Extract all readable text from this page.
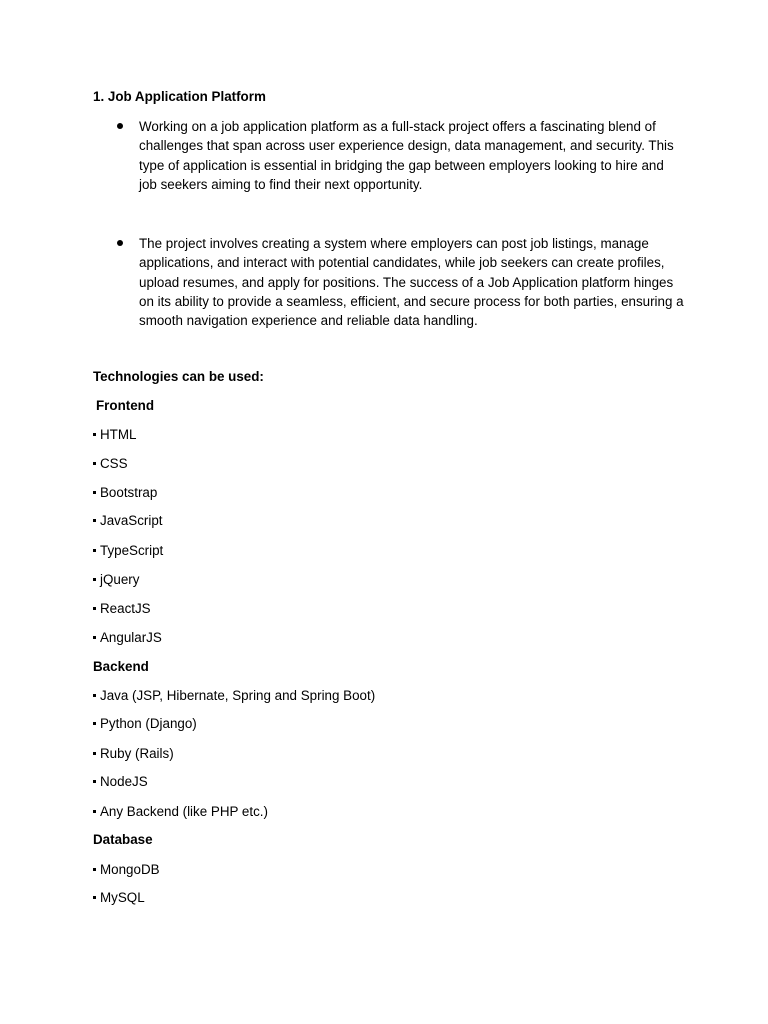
1. Job Application Platform

Working on a job application platform as a full-stack project offers a fascinating blend of challenges that span across user experience design, data management, and security. This type of application is essential in bridging the gap between employers looking to hire and job seekers aiming to find their next opportunity.
The project involves creating a system where employers can post job listings, manage applications, and interact with potential candidates, while job seekers can create profiles, upload resumes, and apply for positions. The success of a Job Application platform hinges on its ability to provide a seamless, efficient, and secure process for both parties, ensuring a smooth navigation experience and reliable data handling.

Technologies can be used:

Frontend

HTML

CSS

Bootstrap

JavaScript

TypeScript

jQuery

ReactJS

AngularJS

Backend

Java (JSP, Hibernate, Spring and Spring Boot)

Python (Django)

Ruby (Rails)

NodeJS

Any Backend (like PHP etc.)

Database

MongoDB

MySQL
